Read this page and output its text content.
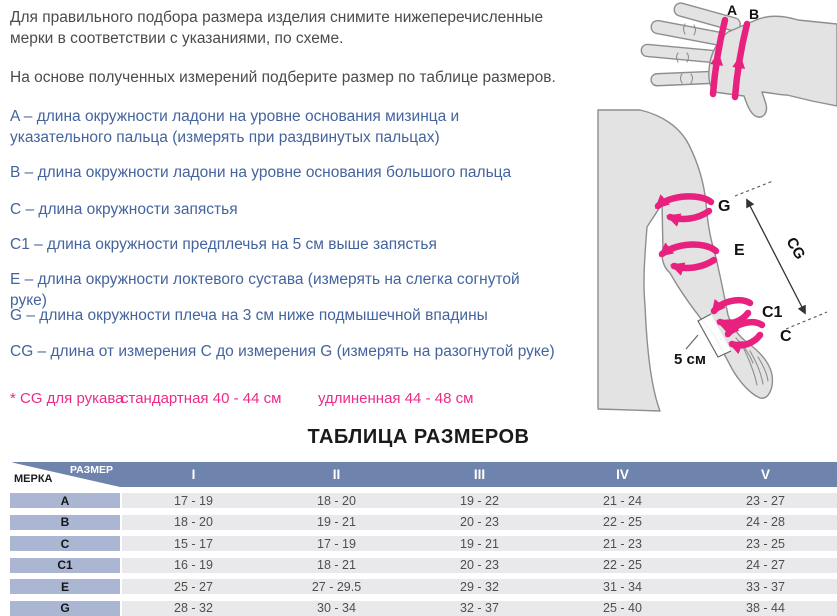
Для правильного подбора размера изделия снимите нижеперечисленные мерки в соответствии с указаниями, по схеме.
На основе полученных измерений подберите размер по таблице размеров.
A – длина окружности ладони на уровне основания мизинца и указательного пальца (измерять при раздвинутых пальцах)
B – длина окружности ладони на уровне основания большого пальца
C – длина окружности запястья
C1 – длина окружности предплечья на 5 см выше запястья
E – длина окружности локтевого сустава (измерять на слегка согнутой руке)
G – длина окружности плеча на 3 см ниже подмышечной впадины
CG – длина от измерения C до измерения G (измерять на разогнутой руке)
* CG для рукава
стандартная 40 - 44 см удлиненная 44 - 48 см
ТАБЛИЦА РАЗМЕРОВ
РАЗМЕР
МЕРКА	I	II	III	IV	V
A	17 - 19	18 - 20	19 - 22	21 - 24	23 - 27
B	18 - 20	19 - 21	20 - 23	22 - 25	24 - 28
C	15 - 17	17 - 19	19 - 21	21 - 23	23 - 25
C1	16 - 19	18 - 21	20 - 23	22 - 25	24 - 27
E	25 - 27	27 - 29.5	29 - 32	31 - 34	33 - 37
G	28 - 32	30 - 34	32 - 37	25 - 40	38 - 44
A B
G
E
C1
C
CG
5 см
